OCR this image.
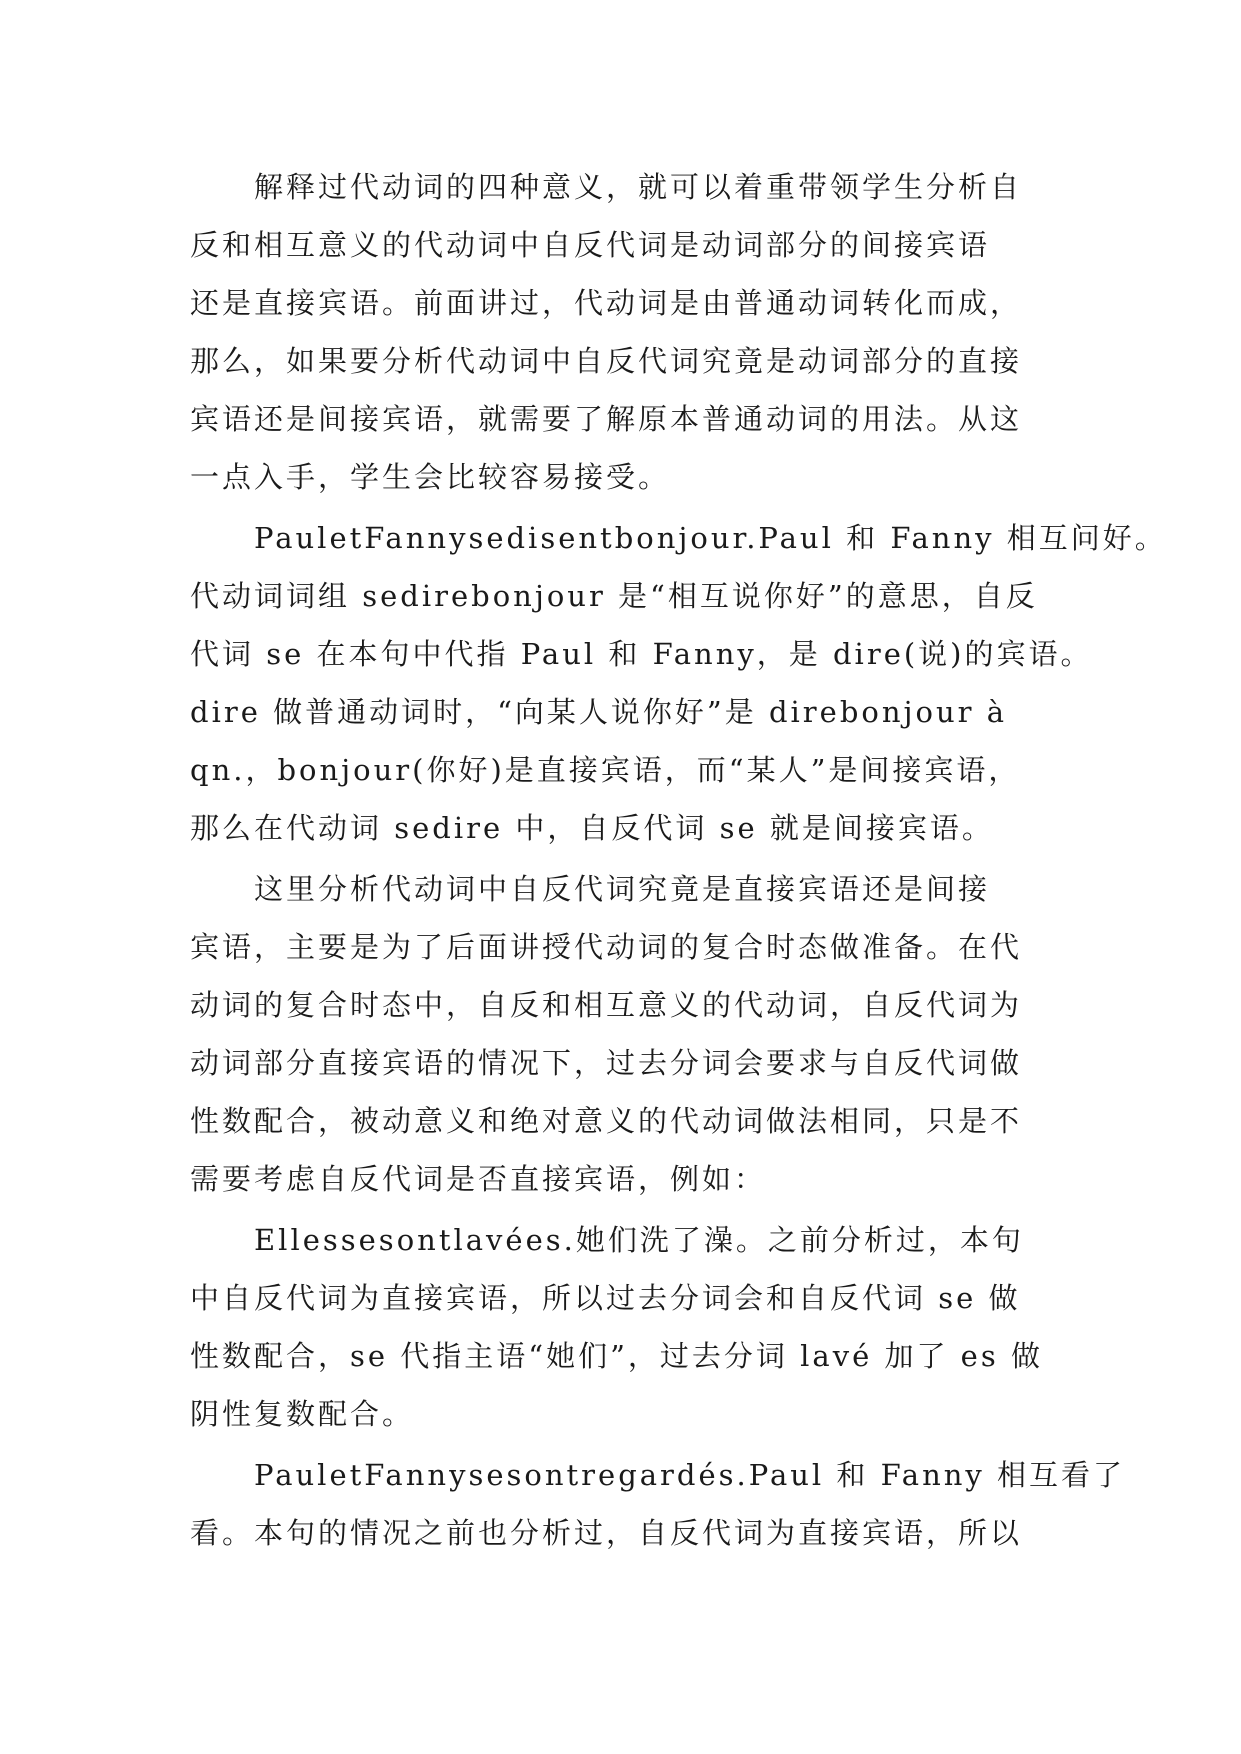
解释过代动词的四种意义，就可以着重带领学生分析自
反和相互意义的代动词中自反代词是动词部分的间接宾语
还是直接宾语。前面讲过，代动词是由普通动词转化而成，
那么，如果要分析代动词中自反代词究竟是动词部分的直接
宾语还是间接宾语，就需要了解原本普通动词的用法。从这
一点入手，学生会比较容易接受。
PauletFannysedisentbonjour.Paul 和 Fanny 相互问好。
代动词词组 sedirebonjour 是“相互说你好”的意思，自反
代词 se 在本句中代指 Paul 和 Fanny，是 dire(说)的宾语。
dire 做普通动词时，“向某人说你好”是 direbonjour à
qn.，bonjour(你好)是直接宾语，而“某人”是间接宾语，
那么在代动词 sedire 中，自反代词 se 就是间接宾语。
这里分析代动词中自反代词究竟是直接宾语还是间接
宾语，主要是为了后面讲授代动词的复合时态做准备。在代
动词的复合时态中，自反和相互意义的代动词，自反代词为
动词部分直接宾语的情况下，过去分词会要求与自反代词做
性数配合，被动意义和绝对意义的代动词做法相同，只是不
需要考虑自反代词是否直接宾语，例如：
Ellessesontlavées.她们洗了澡。之前分析过，本句
中自反代词为直接宾语，所以过去分词会和自反代词 se 做
性数配合，se 代指主语“她们”，过去分词 lavé 加了 es 做
阴性复数配合。
PauletFannysesontregardés.Paul 和 Fanny 相互看了
看。本句的情况之前也分析过，自反代词为直接宾语，所以
